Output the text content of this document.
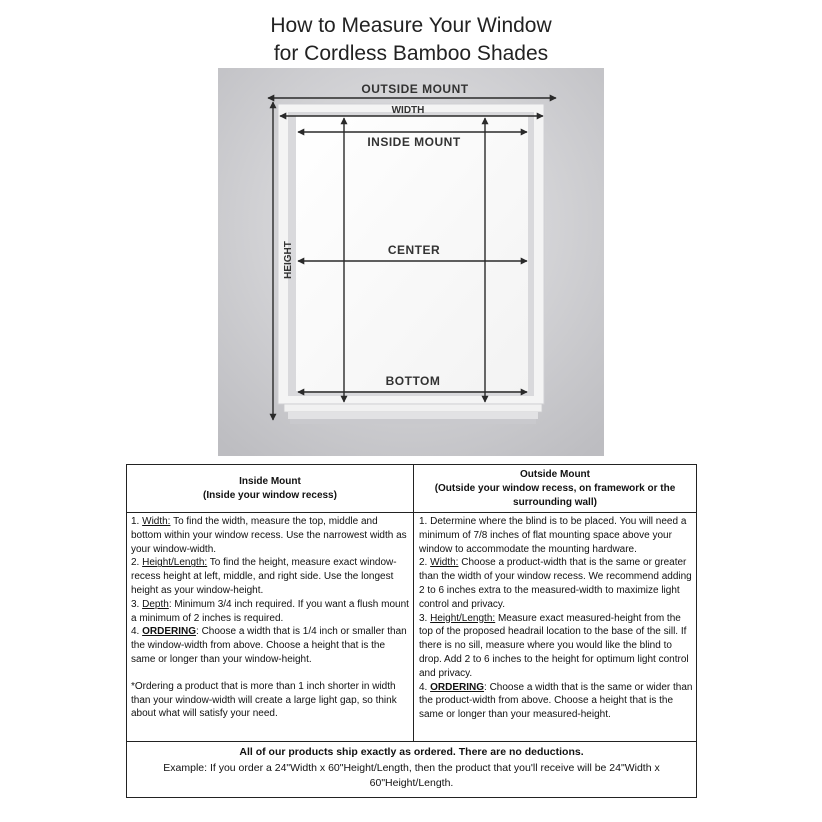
How to Measure Your Window
for Cordless Bamboo Shades
OUTSIDE MOUNT
WIDTH
INSIDE MOUNT
CENTER
BOTTOM
HEIGHT
Inside Mount
(Inside your window recess)
Outside Mount
(Outside your window recess, on framework or the surrounding wall)

1. Width: To find the width, measure the top, middle and bottom within your window recess. Use the narrowest width as your window-width.

2. Height/Length: To find the height, measure exact window-recess height at left, middle, and right side. Use the longest height as your window-height.

3. Depth: Minimum 3/4 inch required. If you want a flush mount a minimum of 2 inches is required.

4. ORDERING: Choose a width that is 1/4 inch or smaller than the window-width from above. Choose a height that is the same or longer than your window-height.

*Ordering a product that is more than 1 inch shorter in width than your window-width will create a large light gap, so think about what will satisfy your need.

1. Determine where the blind is to be placed. You will need a minimum of 7/8 inches of flat mounting space above your window to accommodate the mounting hardware.

2. Width: Choose a product-width that is the same or greater than the width of your window recess. We recommend adding 2 to 6 inches extra to the measured-width to maximize light control and privacy.

3. Height/Length: Measure exact measured-height from the top of the proposed headrail location to the base of the sill. If there is no sill, measure where you would like the blind to drop. Add 2 to 6 inches to the height for optimum light control and privacy.

4. ORDERING: Choose a width that is the same or wider than the product-width from above. Choose a height that is the same or longer than your measured-height.

All of our products ship exactly as ordered. There are no deductions.
Example: If you order a 24"Width x 60"Height/Length, then the product that you'll receive will be 24"Width x 60"Height/Length.
